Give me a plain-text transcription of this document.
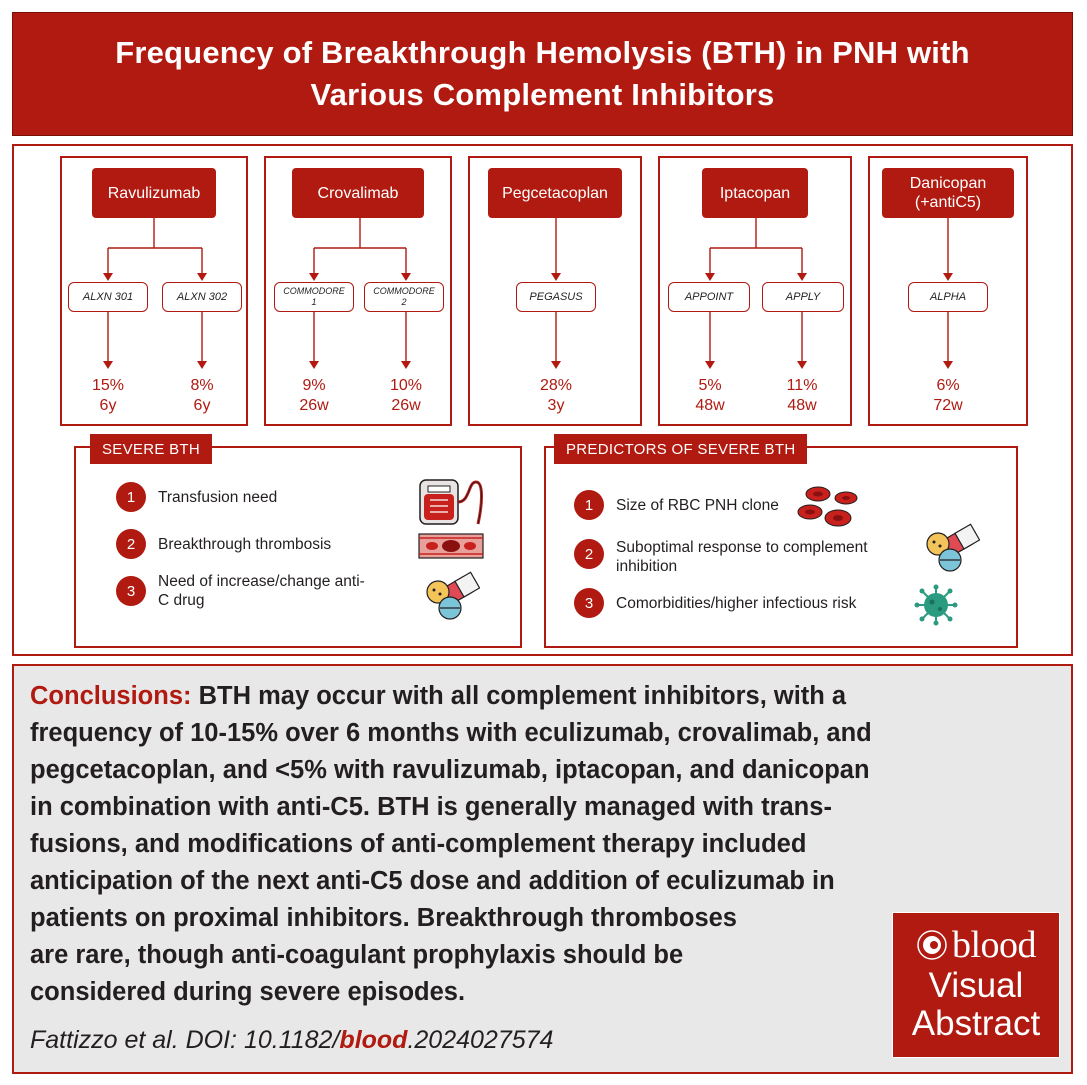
Frequency of Breakthrough Hemolysis (BTH) in PNH with
Various Complement Inhibitors
Ravulizumab
ALXN 301	ALXN 302
15%
6y
8%
6y
Crovalimab
COMMODORE
1
COMMODORE
2
9%
26w
10%
26w
Pegcetacoplan
PEGASUS
28%
3y
Iptacopan
APPOINT	APPLY
5%
48w
11%
48w
Danicopan
(+antiC5)
ALPHA
6%
72w
SEVERE BTH
1	Transfusion need
2	Breakthrough thrombosis
3
Need of increase/change anti-
C drug
PREDICTORS OF SEVERE BTH
1	Size of RBC PNH clone
2	Suboptimal response to complement
inhibition
3	Comorbidities/higher infectious risk
Conclusions: BTH may occur with all complement inhibitors, with a
frequency of 10-15% over 6 months with eculizumab, crovalimab, and
pegcetacoplan, and <5% with ravulizumab, iptacopan, and danicopan
in combination with anti-C5. BTH is generally managed with trans-
fusions, and modifications of anti-complement therapy included
anticipation of the next anti-C5 dose and addition of eculizumab in
patients on proximal inhibitors. Breakthrough thromboses
are rare, though anti-coagulant prophylaxis should be
considered during severe episodes.
Fattizzo et al. DOI: 10.1182/blood.2024027574
blood
Visual
Abstract
